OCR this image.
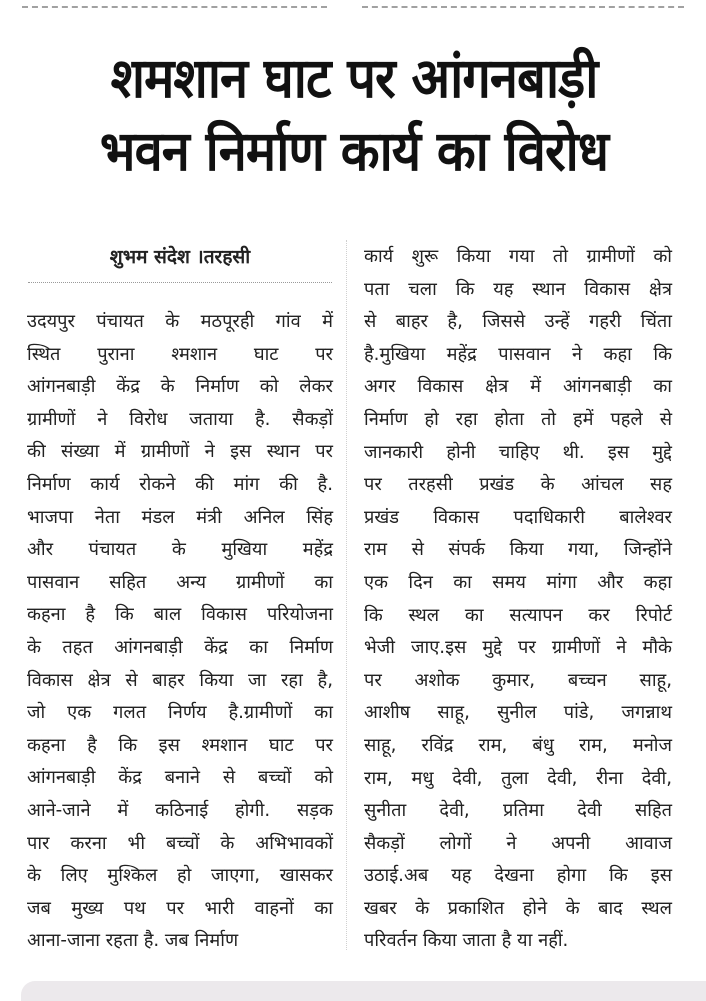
शमशान घाट पर आंगनबाड़ी
भवन निर्माण कार्य का विरोध
शुभम संदेश ।तरहसी
उदयपुर पंचायत के मठपूरही गांव में
स्थित पुराना श्मशान घाट पर
आंगनबाड़ी केंद्र के निर्माण को लेकर
ग्रामीणों ने विरोध जताया है. सैकड़ों
की संख्या में ग्रामीणों ने इस स्थान पर
निर्माण कार्य रोकने की मांग की है.
भाजपा नेता मंडल मंत्री अनिल सिंह
और पंचायत के मुखिया महेंद्र
पासवान सहित अन्य ग्रामीणों का
कहना है कि बाल विकास परियोजना
के तहत आंगनबाड़ी केंद्र का निर्माण
विकास क्षेत्र से बाहर किया जा रहा है,
जो एक गलत निर्णय है.ग्रामीणों का
कहना है कि इस श्मशान घाट पर
आंगनबाड़ी केंद्र बनाने से बच्चों को
आने-जाने में कठिनाई होगी. सड़क
पार करना भी बच्चों के अभिभावकों
के लिए मुश्किल हो जाएगा, खासकर
जब मुख्य पथ पर भारी वाहनों का
आना-जाना रहता है. जब निर्माण
कार्य शुरू किया गया तो ग्रामीणों को
पता चला कि यह स्थान विकास क्षेत्र
से बाहर है, जिससे उन्हें गहरी चिंता
है.मुखिया महेंद्र पासवान ने कहा कि
अगर विकास क्षेत्र में आंगनबाड़ी का
निर्माण हो रहा होता तो हमें पहले से
जानकारी होनी चाहिए थी. इस मुद्दे
पर तरहसी प्रखंड के आंचल सह
प्रखंड विकास पदाधिकारी बालेश्वर
राम से संपर्क किया गया, जिन्होंने
एक दिन का समय मांगा और कहा
कि स्थल का सत्यापन कर रिपोर्ट
भेजी जाए.इस मुद्दे पर ग्रामीणों ने मौके
पर अशोक कुमार, बच्चन साहू,
आशीष साहू, सुनील पांडे, जगन्नाथ
साहू, रविंद्र राम, बंधु राम, मनोज
राम, मधु देवी, तुला देवी, रीना देवी,
सुनीता देवी, प्रतिमा देवी सहित
सैकड़ों लोगों ने अपनी आवाज
उठाई.अब यह देखना होगा कि इस
खबर के प्रकाशित होने के बाद स्थल
परिवर्तन किया जाता है या नहीं.
